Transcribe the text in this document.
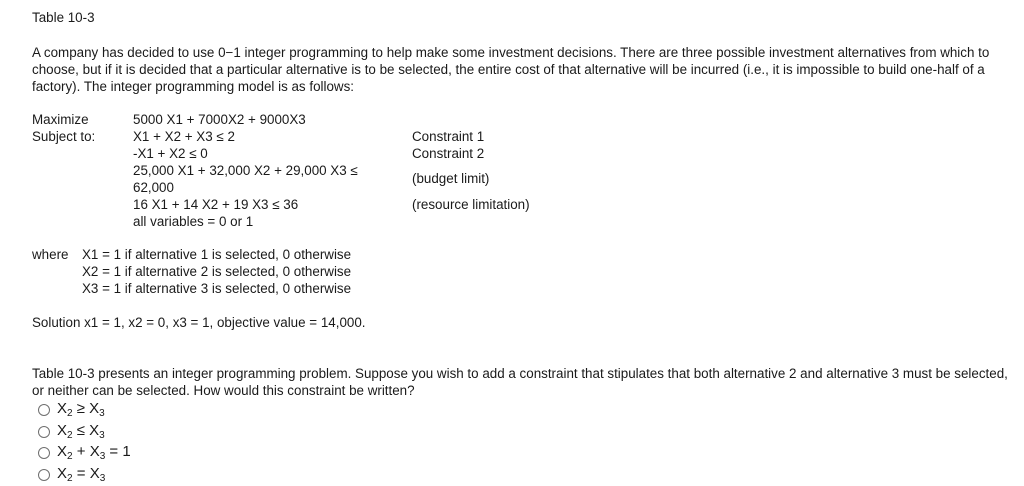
Table 10-3
A company has decided to use 0−1 integer programming to help make some investment decisions. There are three possible investment alternatives from which to choose, but if it is decided that a particular alternative is to be selected, the entire cost of that alternative will be incurred (i.e., it is impossible to build one-half of a factory). The integer programming model is as follows:
Maximize
Subject to:
5000 X1 + 7000X2 + 9000X3
X1 + X2 + X3 ≤ 2
-X1 + X2 ≤ 0
25,000 X1 + 32,000 X2 + 29,000 X3 ≤
62,000
16 X1 + 14 X2 + 19 X3 ≤ 36
all variables = 0 or 1
Constraint 1
Constraint 2
(budget limit)
(resource limitation)
where X1 = 1 if alternative 1 is selected, 0 otherwise
X2 = 1 if alternative 2 is selected, 0 otherwise
X3 = 1 if alternative 3 is selected, 0 otherwise
Solution x1 = 1, x2 = 0, x3 = 1, objective value = 14,000.
Table 10-3 presents an integer programming problem. Suppose you wish to add a constraint that stipulates that both alternative 2 and alternative 3 must be selected, or neither can be selected. How would this constraint be written?
$X_2 \ge X_3$
$X_2 \le X_3$
$X_2 + X_3 = 1$
$X_2 = X_3$
